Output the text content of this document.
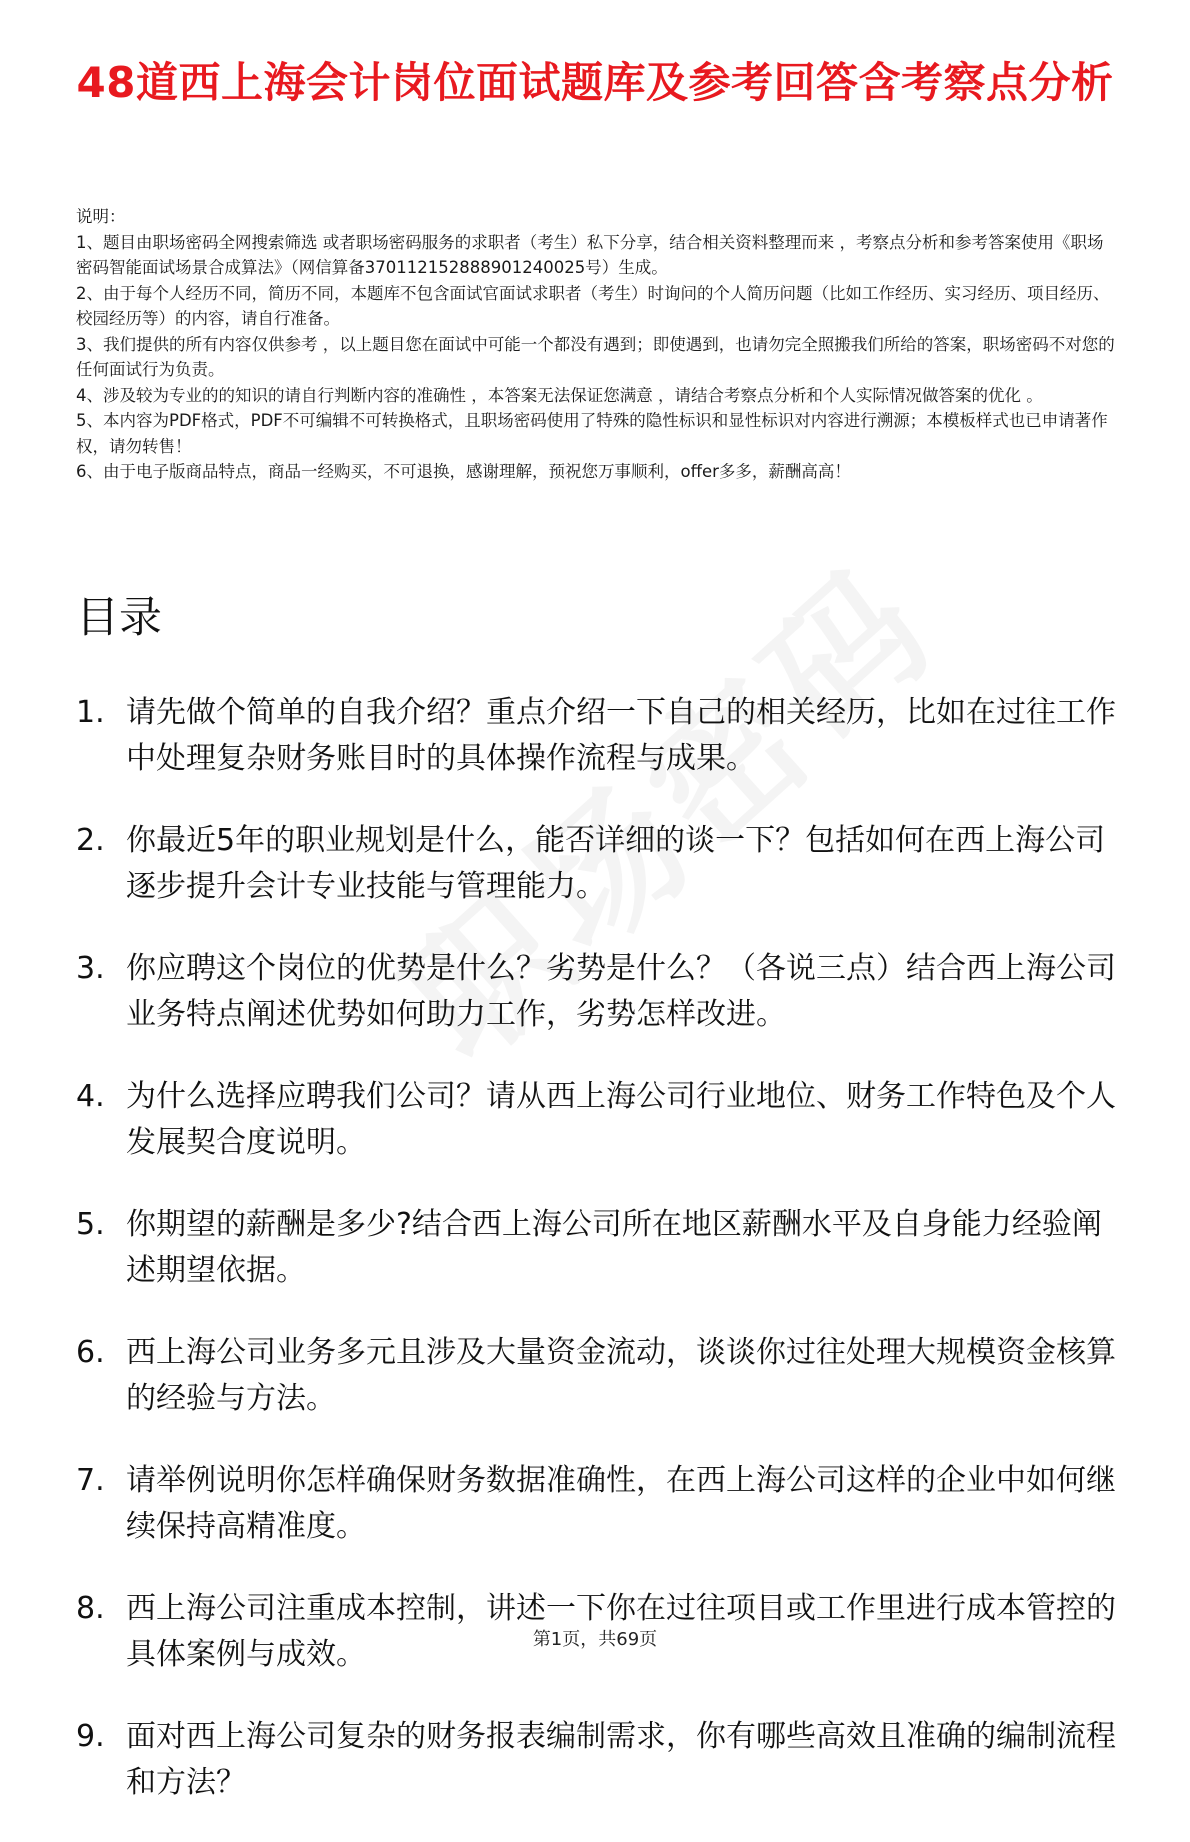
48道西上海会计岗位面试题库及参考回答含考察点分析
说明：
1、题目由职场密码全网搜索筛选 或者职场密码服务的求职者（考生）私下分享，结合相关资料整理而来 ，考察点分析和参考答案使用《职场密码智能面试场景合成算法》（网信算备370112152888901240025号）生成。
2、由于每个人经历不同，简历不同，本题库不包含面试官面试求职者（考生）时询问的个人简历问题（比如工作经历、实习经历、项目经历、校园经历等）的内容，请自行准备。
3、我们提供的所有内容仅供参考 ，以上题目您在面试中可能一个都没有遇到；即使遇到，也请勿完全照搬我们所给的答案，职场密码不对您的任何面试行为负责。
4、涉及较为专业的的知识的请自行判断内容的准确性 ，本答案无法保证您满意 ，请结合考察点分析和个人实际情况做答案的优化 。
5、本内容为PDF格式，PDF不可编辑不可转换格式，且职场密码使用了特殊的隐性标识和显性标识对内容进行溯源；本模板样式也已申请著作权，请勿转售！
6、由于电子版商品特点，商品一经购买，不可退换，感谢理解，预祝您万事顺利，offer多多，薪酬高高！
目录
1. 请先做个简单的自我介绍？重点介绍一下自己的相关经历，比如在过往工作中处理复杂财务账目时的具体操作流程与成果。
2. 你最近5年的职业规划是什么，能否详细的谈一下？包括如何在西上海公司逐步提升会计专业技能与管理能力。
3. 你应聘这个岗位的优势是什么？劣势是什么？（各说三点）结合西上海公司业务特点阐述优势如何助力工作，劣势怎样改进。
4. 为什么选择应聘我们公司？请从西上海公司行业地位、财务工作特色及个人发展契合度说明。
5. 你期望的薪酬是多少?结合西上海公司所在地区薪酬水平及自身能力经验阐述期望依据。
6. 西上海公司业务多元且涉及大量资金流动，谈谈你过往处理大规模资金核算的经验与方法。
7. 请举例说明你怎样确保财务数据准确性，在西上海公司这样的企业中如何继续保持高精准度。
8. 西上海公司注重成本控制，讲述一下你在过往项目或工作里进行成本管控的具体案例与成效。
9. 面对西上海公司复杂的财务报表编制需求，你有哪些高效且准确的编制流程和方法？
第1页，共69页
